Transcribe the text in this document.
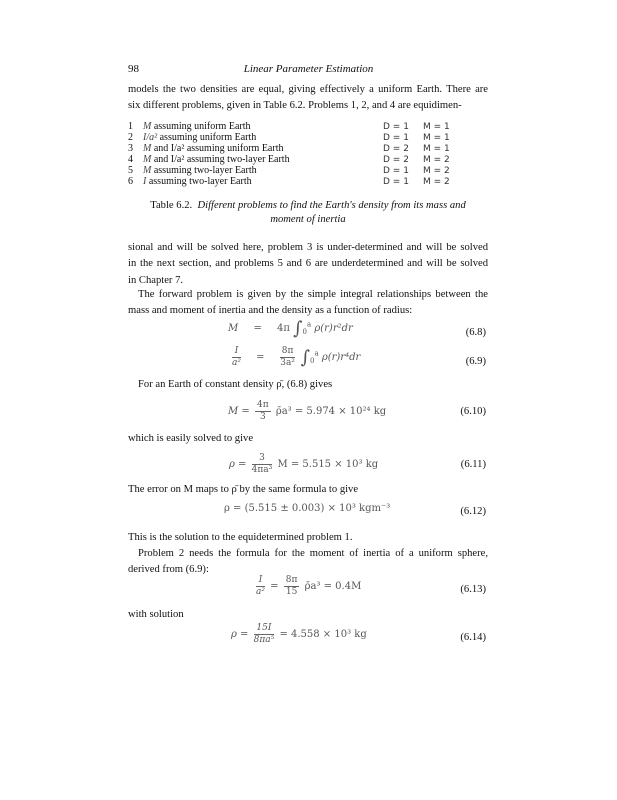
98	Linear Parameter Estimation
models the two densities are equal, giving effectively a uniform Earth. There are
six different problems, given in Table 6.2. Problems 1, 2, and 4 are equidimen-
1	M assuming uniform Earth	D = 1 M = 1
2	I/a² assuming uniform Earth	D = 1 M = 1
3	M and I/a² assuming uniform Earth	D = 2 M = 1
4	M and I/a² assuming two-layer Earth	D = 2 M = 2
5	M assuming two-layer Earth	D = 1 M = 2
6	I assuming two-layer Earth	D = 1 M = 2
Table 6.2. Different problems to find the Earth's density from its mass and
moment of inertia
sional and will be solved here, problem 3 is under-determined and will be solved
in the next section, and problems 5 and 6 are underdetermined and will be solved
in Chapter 7.
The forward problem is given by the simple integral relationships between the
mass and moment of inertia and the density as a function of radius:
M = 4π $\int_0^a$ ρ(r)r²dr	(6.8)
$\frac{I}{\text{a²}} = \frac{8\pi}{\text{3a²}} \int_0^a$ ρ(r)r⁴dr	(6.9)
For an Earth of constant density ρ̄, (6.8) gives
$M = \frac{4\pi}{3}$ ρ̄a³ = 5.974 × 10²⁴ kg	(6.10)
which is easily solved to give
$\rho = \frac{3}{\text{4πa³}}$ M = 5.515 × 10³ kg	(6.11)
The error on M maps to ρ̄ by the same formula to give
ρ = (5.515 ± 0.003) × 10³ kgm⁻³	(6.12)
This is the solution to the equidetermined problem 1.
Problem 2 needs the formula for the moment of inertia of a uniform sphere,
derived from (6.9):
$\frac{I}{\text{a²}} = \frac{8\pi}{15}$ ρ̄a³ = 0.4M	(6.13)
with solution
$\rho = \frac{15I}{\text{8πa⁵}} = 4.558 \times 10^3$ kg	(6.14)
